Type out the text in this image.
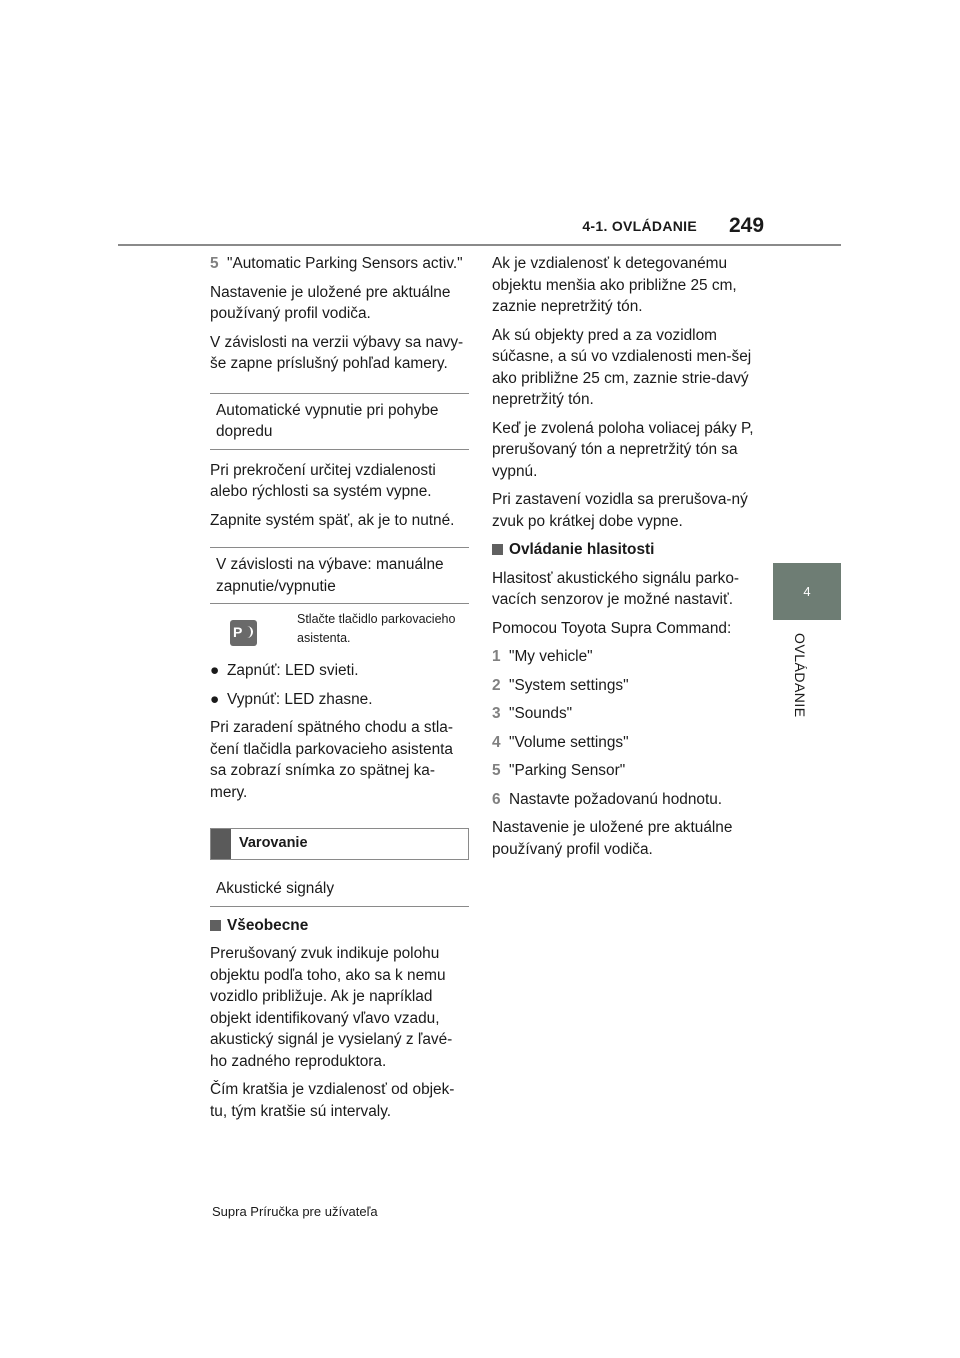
4-1. OVLÁDANIE 249
4
OVLÁDANIE

5 "Automatic Parking Sensors activ."

Nastavenie je uložené pre aktuálne používaný profil vodiča.

V závislosti na verzii výbavy sa navy-še zapne príslušný pohľad kamery.

Automatické vypnutie pri pohybe dopredu

Pri prekročení určitej vzdialenosti alebo rýchlosti sa systém vypne.

Zapnite systém späť, ak je to nutné.

V závislosti na výbave: manuálne zapnutie/vypnutie
P
Stlačte tlačidlo parkovacieho asistenta.
● Zapnúť: LED svieti.
● Vypnúť: LED zhasne.

Pri zaradení spätného chodu a stla-čení tlačidla parkovacieho asistenta sa zobrazí snímka zo spätnej ka-mery.

Varovanie
Akustické signály
Všeobecne

Prerušovaný zvuk indikuje polohu objektu podľa toho, ako sa k nemu vozidlo približuje. Ak je napríklad objekt identifikovaný vľavo vzadu, akustický signál je vysielaný z ľavé-ho zadného reproduktora.

Čím kratšia je vzdialenosť od objek-tu, tým kratšie sú intervaly.

Ak je vzdialenosť k detegovanému objektu menšia ako približne 25 cm, zaznie nepretržitý tón.

Ak sú objekty pred a za vozidlom súčasne, a sú vo vzdialenosti men-šej ako približne 25 cm, zaznie strie-davý nepretržitý tón.

Keď je zvolená poloha voliacej páky P, prerušovaný tón a nepretržitý tón sa vypnú.

Pri zastavení vozidla sa prerušova-ný zvuk po krátkej dobe vypne.

Ovládanie hlasitosti

Hlasitosť akustického signálu parko-vacích senzorov je možné nastaviť.

Pomocou Toyota Supra Command:

1 "My vehicle"

2 "System settings"

3 "Sounds"

4 "Volume settings"

5 "Parking Sensor"

6 Nastavte požadovanú hodnotu.

Nastavenie je uložené pre aktuálne používaný profil vodiča.

Supra Príručka pre užívateľa
